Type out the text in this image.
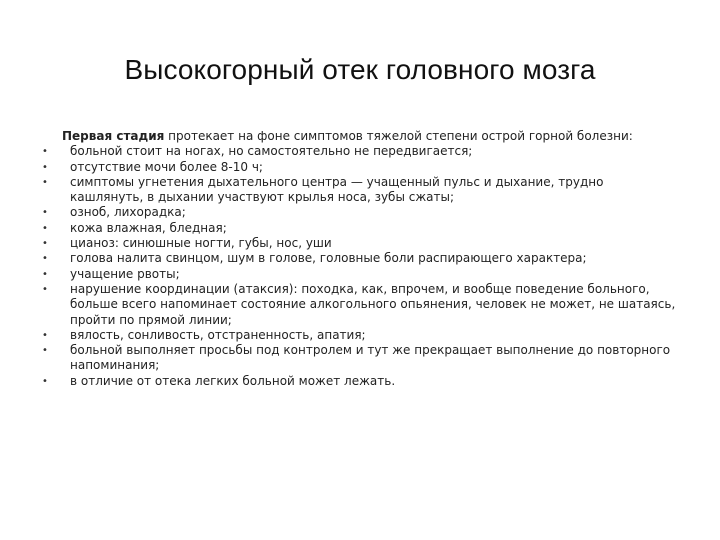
Высокогорный отек головного мозга

Первая стадия протекает на фоне симптомов тяжелой степени острой горной болезни:

• больной стоит на ногах, но самостоятельно не передвигается;
• отсутствие мочи более 8-10 ч;
• симптомы угнетения дыхательного центра — учащенный пульс и дыхание, трудно кашлянуть, в дыхании участвуют крылья носа, зубы сжаты;
• озноб, лихорадка;
• кожа влажная, бледная;
• цианоз: синюшные ногти, губы, нос, уши
• голова налита свинцом, шум в голове, головные боли распирающего характера;
• учащение рвоты;
• нарушение координации (атаксия): походка, как, впрочем, и вообще поведение больного, больше всего напоминает состояние алкогольного опьянения, человек не может, не шатаясь, пройти по прямой линии;
• вялость, сонливость, отстраненность, апатия;
• больной выполняет просьбы под контролем и тут же прекращает выполнение до повторного напоминания;
• в отличие от отека легких больной может лежать.
